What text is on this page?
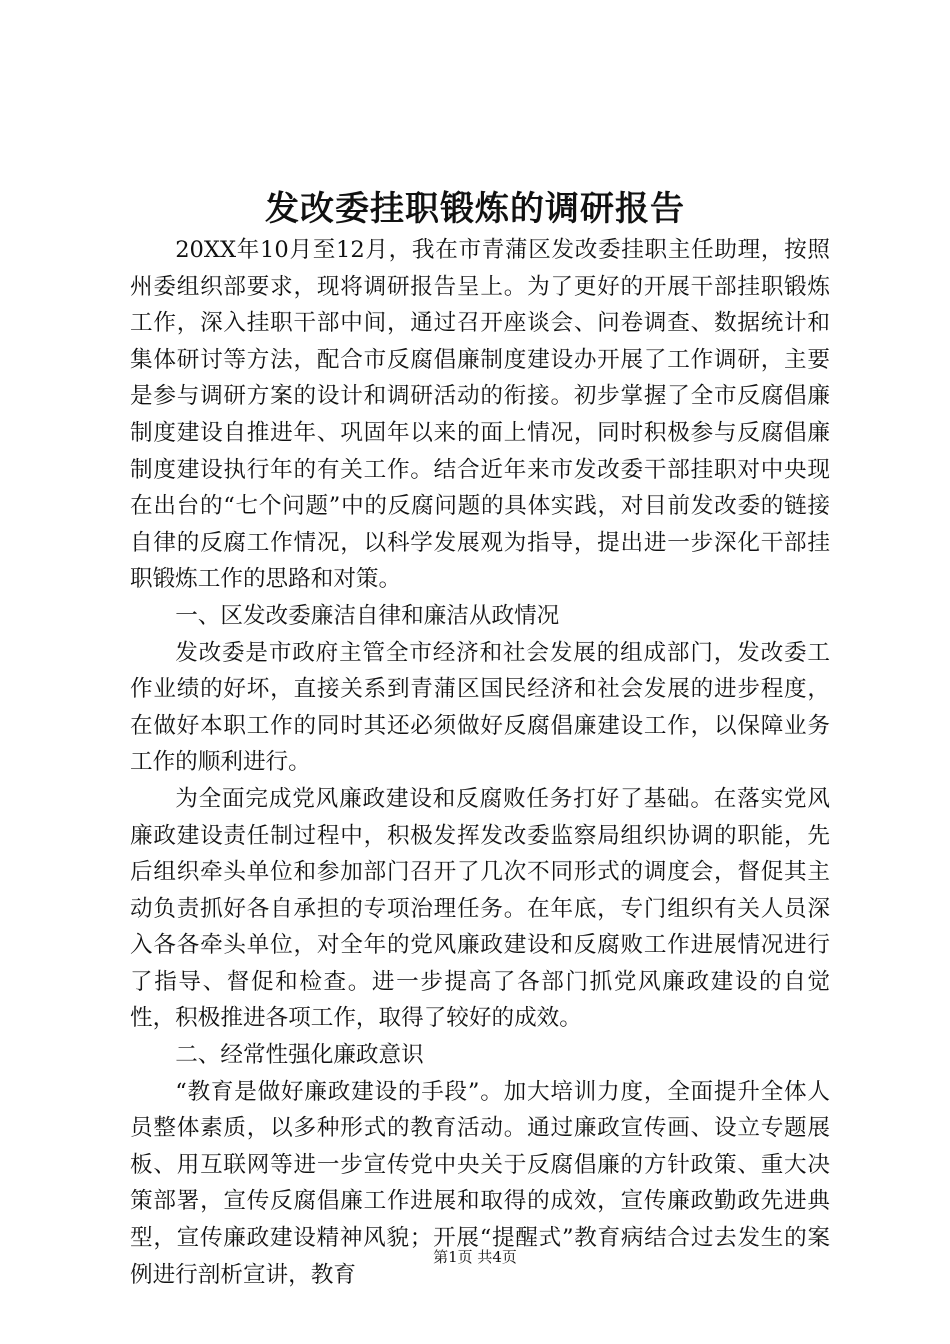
发改委挂职锻炼的调研报告

20XX年10月至12月，我在市青蒲区发改委挂职主任助理，按照州委组织部要求，现将调研报告呈上。为了更好的开展干部挂职锻炼工作，深入挂职干部中间，通过召开座谈会、问卷调查、数据统计和集体研讨等方法，配合市反腐倡廉制度建设办开展了工作调研，主要是参与调研方案的设计和调研活动的衔接。初步掌握了全市反腐倡廉制度建设自推进年、巩固年以来的面上情况，同时积极参与反腐倡廉制度建设执行年的有关工作。结合近年来市发改委干部挂职对中央现在出台的“七个问题”中的反腐问题的具体实践，对目前发改委的链接自律的反腐工作情况，以科学发展观为指导，提出进一步深化干部挂职锻炼工作的思路和对策。

一、区发改委廉洁自律和廉洁从政情况

发改委是市政府主管全市经济和社会发展的组成部门，发改委工作业绩的好坏，直接关系到青蒲区国民经济和社会发展的进步程度，在做好本职工作的同时其还必须做好反腐倡廉建设工作，以保障业务工作的顺利进行。

为全面完成党风廉政建设和反腐败任务打好了基础。在落实党风廉政建设责任制过程中，积极发挥发改委监察局组织协调的职能，先后组织牵头单位和参加部门召开了几次不同形式的调度会，督促其主动负责抓好各自承担的专项治理任务。在年底，专门组织有关人员深入各各牵头单位，对全年的党风廉政建设和反腐败工作进展情况进行了指导、督促和检查。进一步提高了各部门抓党风廉政建设的自觉性，积极推进各项工作，取得了较好的成效。

二、经常性强化廉政意识

“教育是做好廉政建设的手段”。加大培训力度，全面提升全体人员整体素质，以多种形式的教育活动。通过廉政宣传画、设立专题展板、用互联网等进一步宣传党中央关于反腐倡廉的方针政策、重大决策部署，宣传反腐倡廉工作进展和取得的成效，宣传廉政勤政先进典型，宣传廉政建设精神风貌；开展“提醒式”教育病结合过去发生的案例进行剖析宣讲，教育

第1页 共4页
